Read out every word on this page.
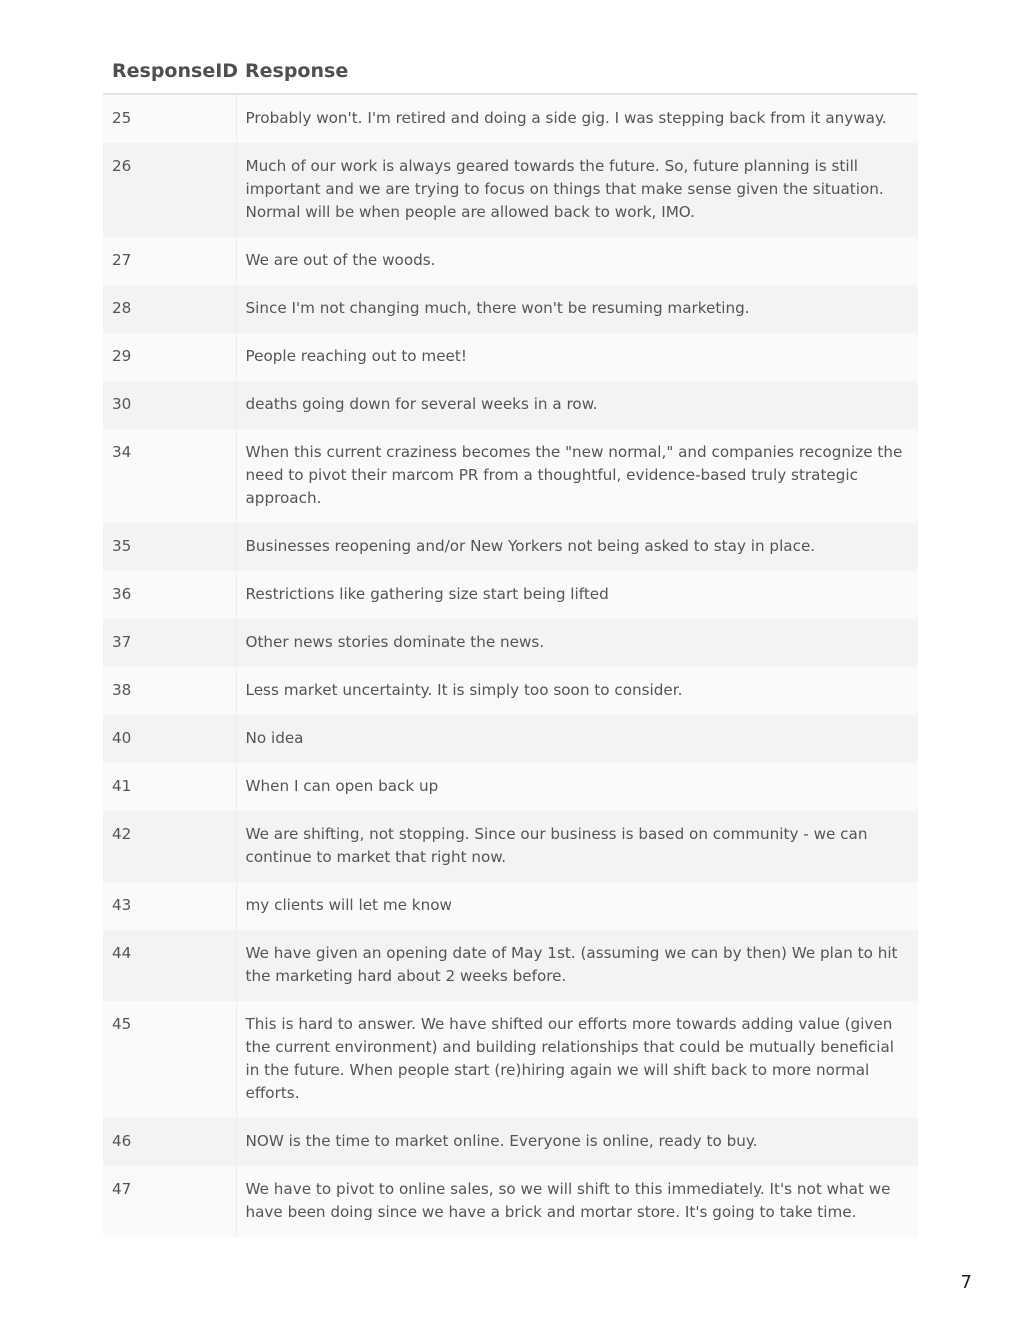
ResponseID	Response
25	Probably won't. I'm retired and doing a side gig. I was stepping back from it anyway.
26	Much of our work is always geared towards the future. So, future planning is still important and we are trying to focus on things that make sense given the situation. Normal will be when people are allowed back to work, IMO.
27	We are out of the woods.
28	Since I'm not changing much, there won't be resuming marketing.
29	People reaching out to meet!
30	deaths going down for several weeks in a row.
34	When this current craziness becomes the "new normal," and companies recognize the need to pivot their marcom PR from a thoughtful, evidence-based truly strategic approach.
35	Businesses reopening and/or New Yorkers not being asked to stay in place.
36	Restrictions like gathering size start being lifted
37	Other news stories dominate the news.
38	Less market uncertainty. It is simply too soon to consider.
40	No idea
41	When I can open back up
42	We are shifting, not stopping. Since our business is based on community - we can continue to market that right now.
43	my clients will let me know
44	We have given an opening date of May 1st. (assuming we can by then) We plan to hit the marketing hard about 2 weeks before.
45	This is hard to answer. We have shifted our efforts more towards adding value (given the current environment) and building relationships that could be mutually beneficial in the future. When people start (re)hiring again we will shift back to more normal efforts.
46	NOW is the time to market online. Everyone is online, ready to buy.
47	We have to pivot to online sales, so we will shift to this immediately. It's not what we have been doing since we have a brick and mortar store. It's going to take time.
7
